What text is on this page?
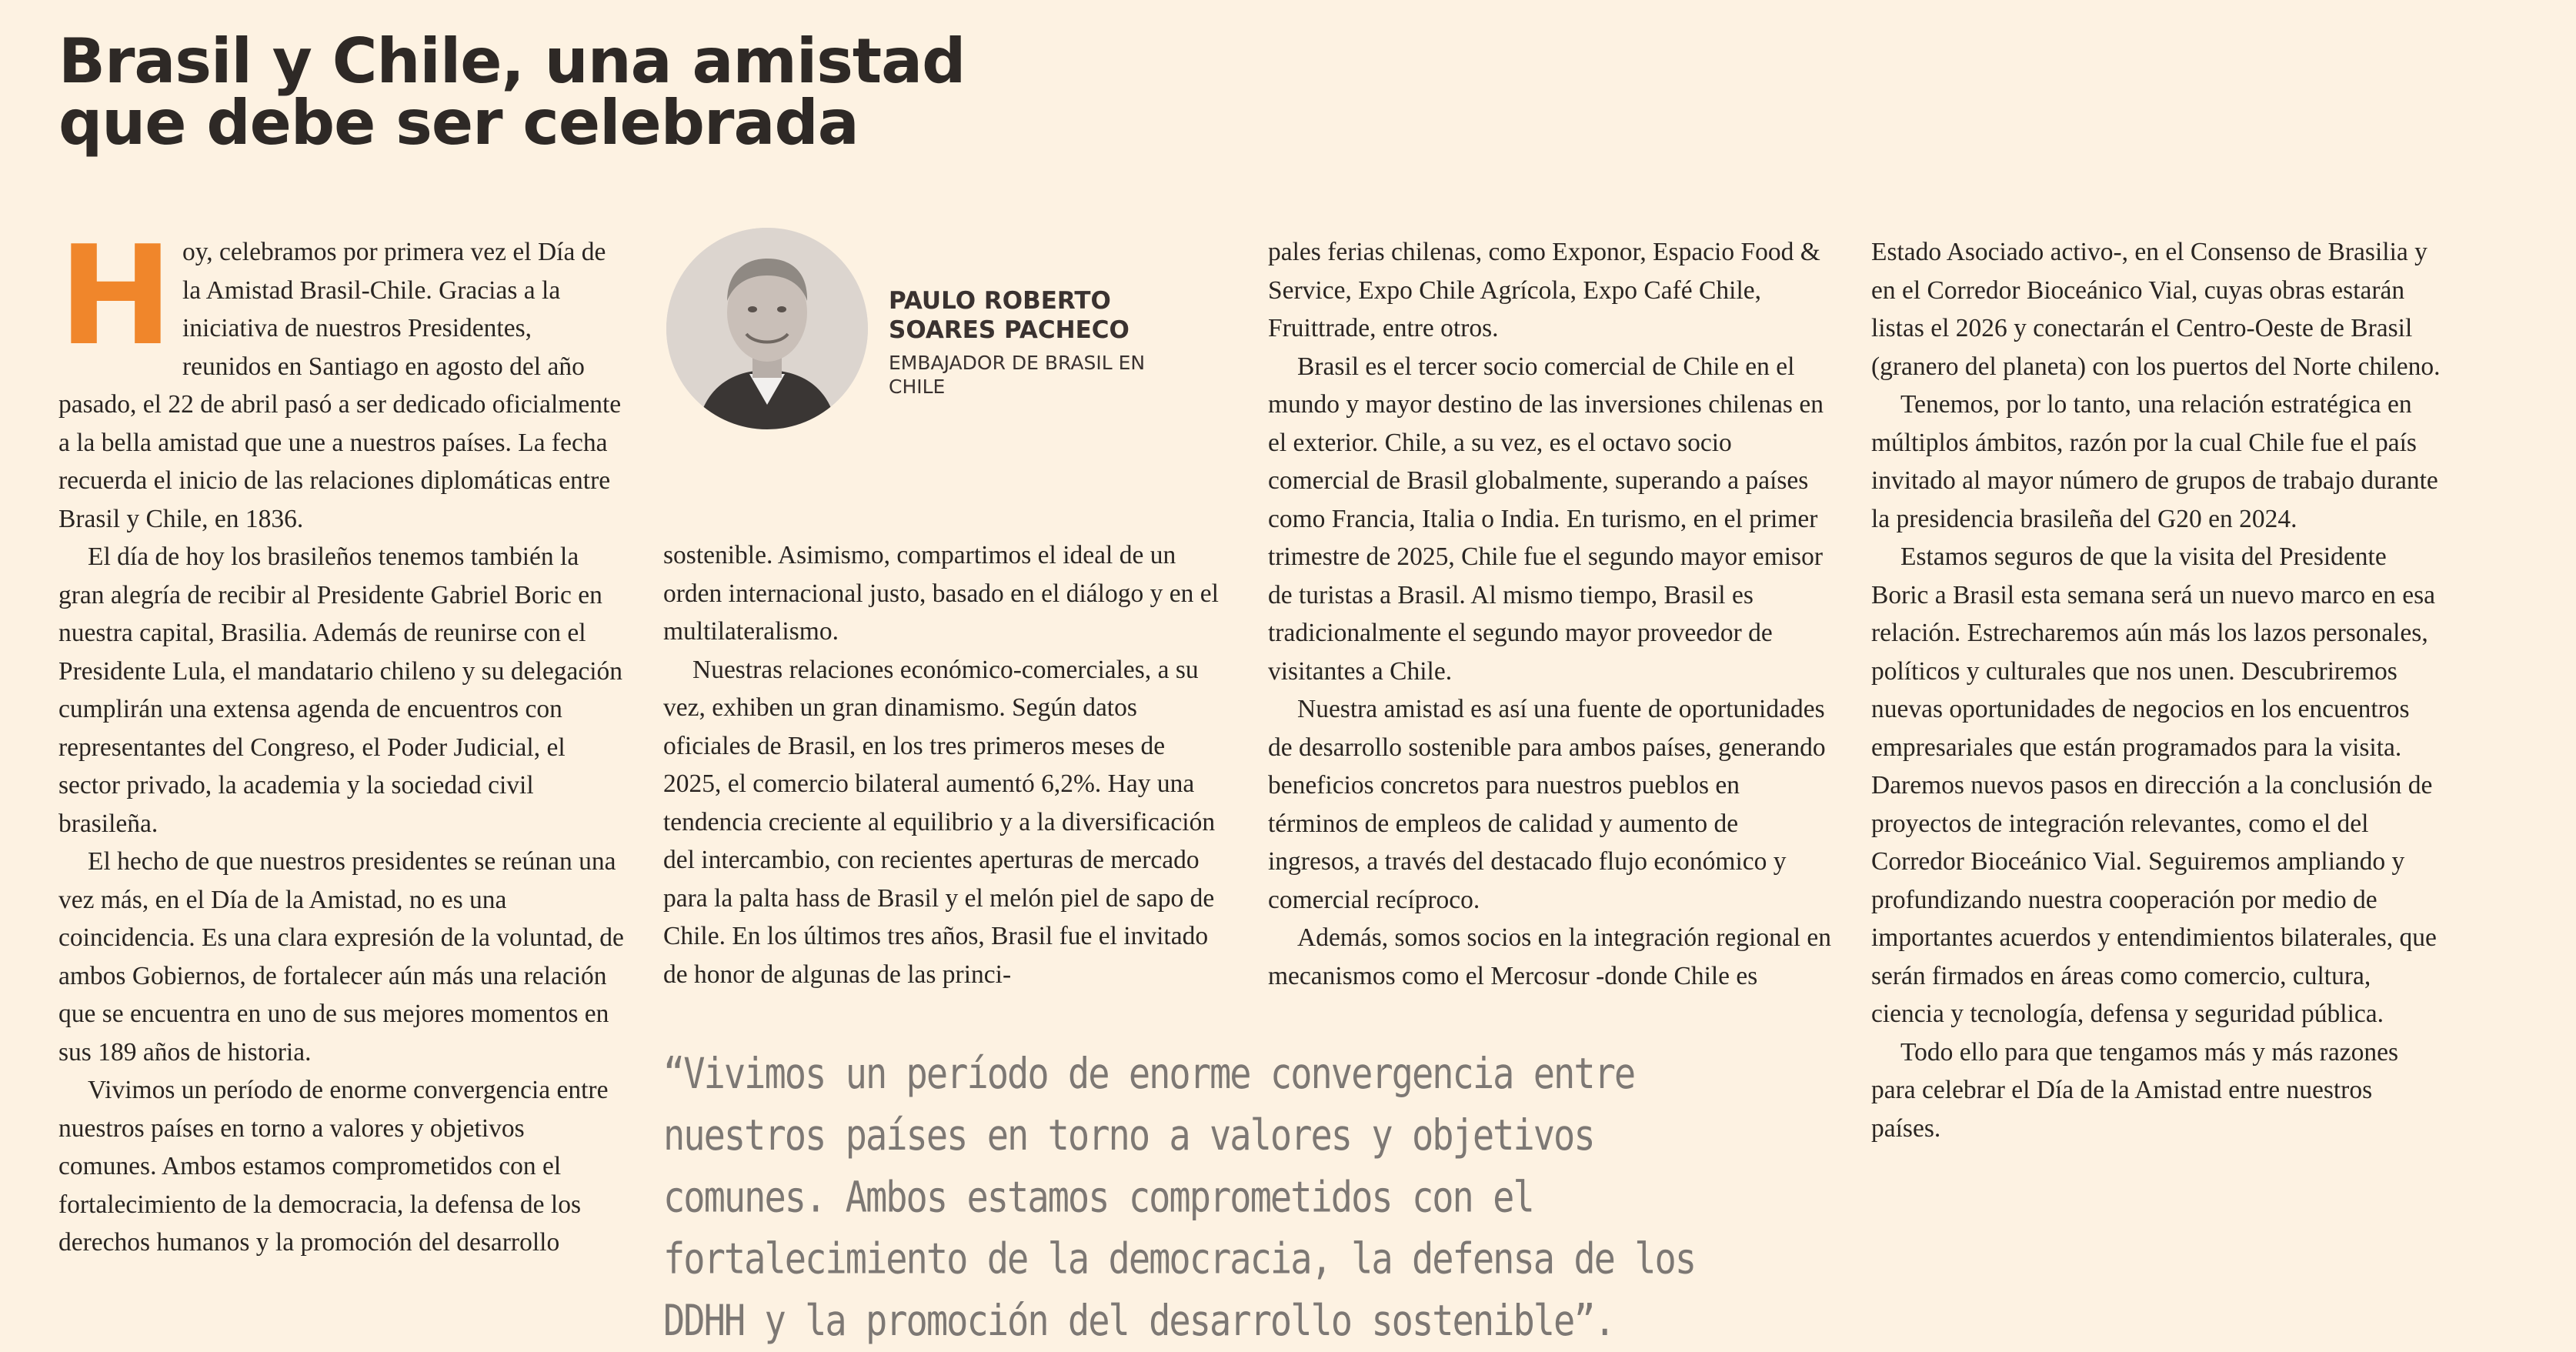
Brasil y Chile, una amistad que debe ser celebrada
H oy, celebramos por primera vez el Día de la Amistad Brasil-Chile. Gracias a la iniciativa de nuestros Presidentes, reunidos en Santiago en agosto del año pasado, el 22 de abril pasó a ser dedicado oficialmente a la bella amistad que une a nuestros países. La fecha recuerda el inicio de las relaciones diplomáticas entre Brasil y Chile, en 1836.

El día de hoy los brasileños tenemos también la gran alegría de recibir al Presidente Gabriel Boric en nuestra capital, Brasilia. Además de reunirse con el Presidente Lula, el mandatario chileno y su delegación cumplirán una extensa agenda de encuentros con representantes del Congreso, el Poder Judicial, el sector privado, la academia y la sociedad civil brasileña.

El hecho de que nuestros presidentes se reúnan una vez más, en el Día de la Amistad, no es una coincidencia. Es una clara expresión de la voluntad, de ambos Gobiernos, de fortalecer aún más una relación que se encuentra en uno de sus mejores momentos en sus 189 años de historia.

Vivimos un período de enorme convergencia entre nuestros países en torno a valores y objetivos comunes. Ambos estamos comprometidos con el fortalecimiento de la democracia, la defensa de los derechos humanos y la promoción del desarrollo

PAULO ROBERTO SOARES PACHECO
EMBAJADOR DE BRASIL EN CHILE

sostenible. Asimismo, compartimos el ideal de un orden internacional justo, basado en el diálogo y en el multilateralismo.

Nuestras relaciones económico-comerciales, a su vez, exhiben un gran dinamismo. Según datos oficiales de Brasil, en los tres primeros meses de 2025, el comercio bilateral aumentó 6,2%. Hay una tendencia creciente al equilibrio y a la diversificación del intercambio, con recientes aperturas de mercado para la palta hass de Brasil y el melón piel de sapo de Chile. En los últimos tres años, Brasil fue el invitado de honor de algunas de las princi-

pales ferias chilenas, como Exponor, Espacio Food & Service, Expo Chile Agrícola, Expo Café Chile, Fruittrade, entre otros.

Brasil es el tercer socio comercial de Chile en el mundo y mayor destino de las inversiones chilenas en el exterior. Chile, a su vez, es el octavo socio comercial de Brasil globalmente, superando a países como Francia, Italia o India. En turismo, en el primer trimestre de 2025, Chile fue el segundo mayor emisor de turistas a Brasil. Al mismo tiempo, Brasil es tradicionalmente el segundo mayor proveedor de visitantes a Chile.

Nuestra amistad es así una fuente de oportunidades de desarrollo sostenible para ambos países, generando beneficios concretos para nuestros pueblos en términos de empleos de calidad y aumento de ingresos, a través del destacado flujo económico y comercial recíproco.

Además, somos socios en la integración regional en mecanismos como el Mercosur -donde Chile es

Estado Asociado activo-, en el Consenso de Brasilia y en el Corredor Bioceánico Vial, cuyas obras estarán listas el 2026 y conectarán el Centro-Oeste de Brasil (granero del planeta) con los puertos del Norte chileno.

Tenemos, por lo tanto, una relación estratégica en múltiplos ámbitos, razón por la cual Chile fue el país invitado al mayor número de grupos de trabajo durante la presidencia brasileña del G20 en 2024.

Estamos seguros de que la visita del Presidente Boric a Brasil esta semana será un nuevo marco en esa relación. Estrecharemos aún más los lazos personales, políticos y culturales que nos unen. Descubriremos nuevas oportunidades de negocios en los encuentros empresariales que están programados para la visita. Daremos nuevos pasos en dirección a la conclusión de proyectos de integración relevantes, como el del Corredor Bioceánico Vial. Seguiremos ampliando y profundizando nuestra cooperación por medio de importantes acuerdos y entendimientos bilaterales, que serán firmados en áreas como comercio, cultura, ciencia y tecnología, defensa y seguridad pública.

Todo ello para que tengamos más y más razones para celebrar el Día de la Amistad entre nuestros países.

“Vivimos un período de enorme convergencia entre nuestros países en torno a valores y objetivos comunes. Ambos estamos comprometidos con el fortalecimiento de la democracia, la defensa de los DDHH y la promoción del desarrollo sostenible”.
